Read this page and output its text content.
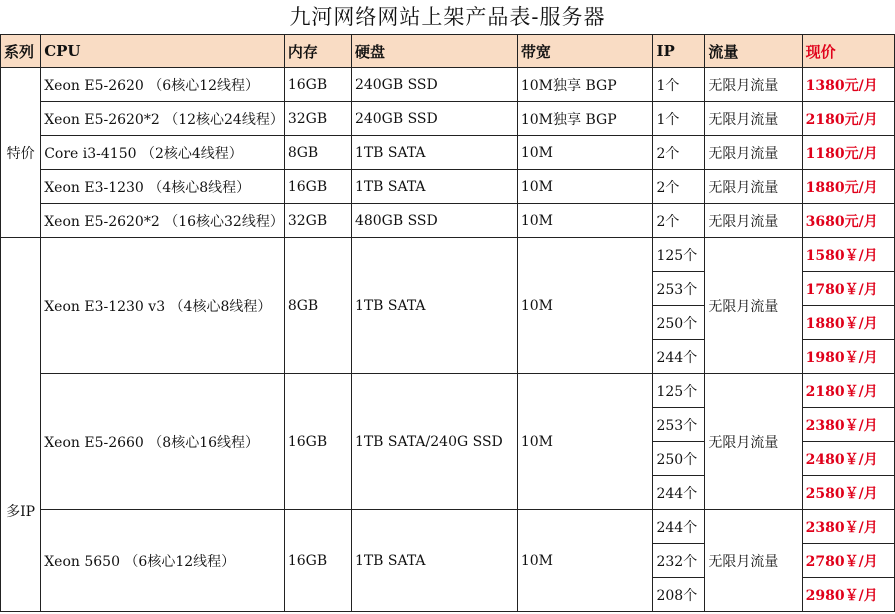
九河网络网站上架产品表-服务器
系列	CPU	内存	硬盘	带宽	IP	流量	现价
特价	Xeon E5-2620 （6核心12线程）	16GB	240GB SSD	10M独享 BGP	1个	无限月流量	1380元/月
	Xeon E5-2620*2 （12核心24线程）	32GB	240GB SSD	10M独享 BGP	1个	无限月流量	2180元/月
	Core i3-4150 （2核心4线程）	8GB	1TB SATA	10M	2个	无限月流量	1180元/月
	Xeon E3-1230 （4核心8线程）	16GB	1TB SATA	10M	2个	无限月流量	1880元/月
	Xeon E5-2620*2 （16核心32线程）	32GB	480GB SSD	10M	2个	无限月流量	3680元/月
多IP	Xeon E3-1230 v3 （4核心8线程）	8GB	1TB SATA	10M	125个	无限月流量	1580￥/月
					253个		1780￥/月
					250个		1880￥/月
					244个		1980￥/月
	Xeon E5-2660 （8核心16线程）	16GB	1TB SATA/240G SSD	10M	125个	无限月流量	2180￥/月
					253个		2380￥/月
					250个		2480￥/月
					244个		2580￥/月
	Xeon 5650 （6核心12线程）	16GB	1TB SATA	10M	244个	无限月流量	2380￥/月
					232个		2780￥/月
					208个		2980￥/月
